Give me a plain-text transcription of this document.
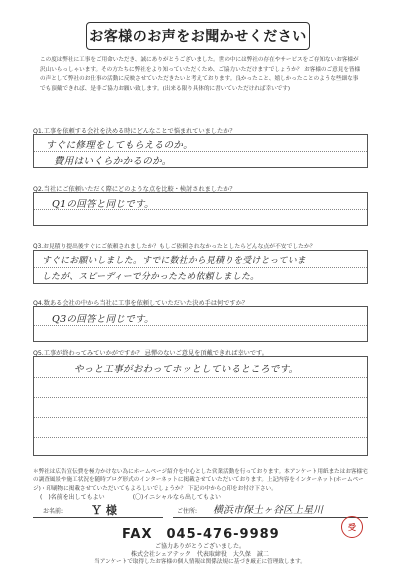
お客様のお声をお聞かせください
この度は弊社に工事をご用命いただき、誠にありがとうございました。世の中には弊社の存在やサービスをご存知ないお客様が沢山いらっしゃいます。その方たちに弊社をより知っていただくため、ご協力いただけますでしょうか？ お客様のご意見を皆様の声として弊社のお仕事の活動に反映させていただきたいと考えております。良かったこと、嬉しかったことのような些細な事でも頂戴できれば、是非ご協力お願い致します。(出来る限り具体的に書いていただければ幸いです)
Q1.工事を依頼する会社を決める時にどんなことで悩まれていましたか？
すぐに修理をしてもらえるのか。
費用はいくらかかるのか。
Q2.当社にご依頼いただく際にどのような点を比較・検討されましたか？
Q1の回答と同じです。
Q3.お見積り提出後すぐにご依頼されましたか？もしご依頼されなかったとしたらどんな点が不安でしたか？
すぐにお願いしました。すでに数社から見積りを受けとっていま
したが、スピーディーで分かったため依頼しました。
Q4.数ある会社の中から当社に工事を依頼していただいた決め手は何ですか？
Q3の回答と同じです。
Q5.工事が終わってみていかがですか？ 忌憚のないご意見を頂戴できれば幸いです。
やっと工事がおわってホッとしているところです。
＊弊社は広告宣伝費を極力かけない為にホームページ紹介を中心とした営業活動を行っております。本アンケート用紙またはお客様宅の調査風景や施工状況を随時ブログ形式のインターネットに掲載させていただいております。上記内容をインターネット(ホームページ)・印刷物に掲載させていただいてもよろしいでしょうか？ 下記の中から○印をお付け下さい。
(　)名前を出してもよい	(〇)イニシャルなら出してもよい
お名前:	Ｙ 様	ご住所: 横浜市保土ヶ谷区上星川
FAX　045-476-9989	受
ご協力ありがとうございました。
株式会社シェアテック　代表取締役　大久保　誠二
当アンケートで取得したお客様の個人情報は関係法規に基づき厳正に管理致します。
